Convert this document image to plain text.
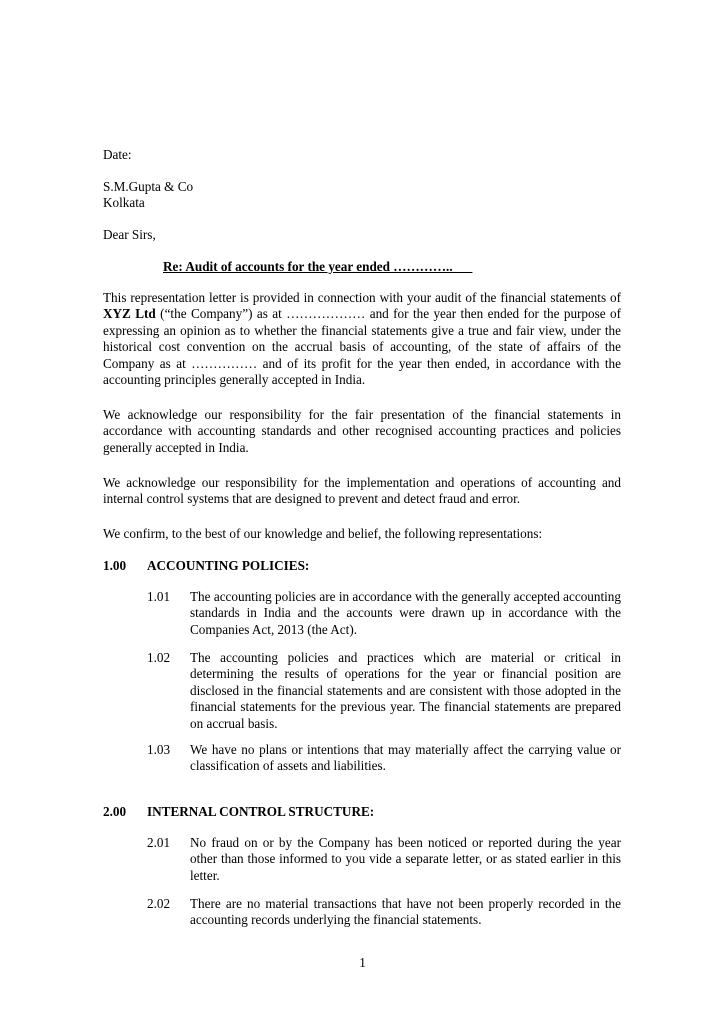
Date:
S.M.Gupta & Co
Kolkata
Dear Sirs,
Re: Audit of accounts for the year ended …………..
This representation letter is provided in connection with your audit of the financial statements of XYZ Ltd (“the Company”) as at ……………… and for the year then ended for the purpose of expressing an opinion as to whether the financial statements give a true and fair view, under the historical cost convention on the accrual basis of accounting, of the state of affairs of the Company as at …………… and of its profit for the year then ended, in accordance with the accounting principles generally accepted in India.
We acknowledge our responsibility for the fair presentation of the financial statements in accordance with accounting standards and other recognised accounting practices and policies generally accepted in India.
We acknowledge our responsibility for the implementation and operations of accounting and internal control systems that are designed to prevent and detect fraud and error.
We confirm, to the best of our knowledge and belief, the following representations:
1.00 ACCOUNTING POLICIES:
1.01 The accounting policies are in accordance with the generally accepted accounting standards in India and the accounts were drawn up in accordance with the Companies Act, 2013 (the Act).
1.02 The accounting policies and practices which are material or critical in determining the results of operations for the year or financial position are disclosed in the financial statements and are consistent with those adopted in the financial statements for the previous year. The financial statements are prepared on accrual basis.
1.03 We have no plans or intentions that may materially affect the carrying value or classification of assets and liabilities.
2.00 INTERNAL CONTROL STRUCTURE:
2.01 No fraud on or by the Company has been noticed or reported during the year other than those informed to you vide a separate letter, or as stated earlier in this letter.
2.02 There are no material transactions that have not been properly recorded in the accounting records underlying the financial statements.
1
